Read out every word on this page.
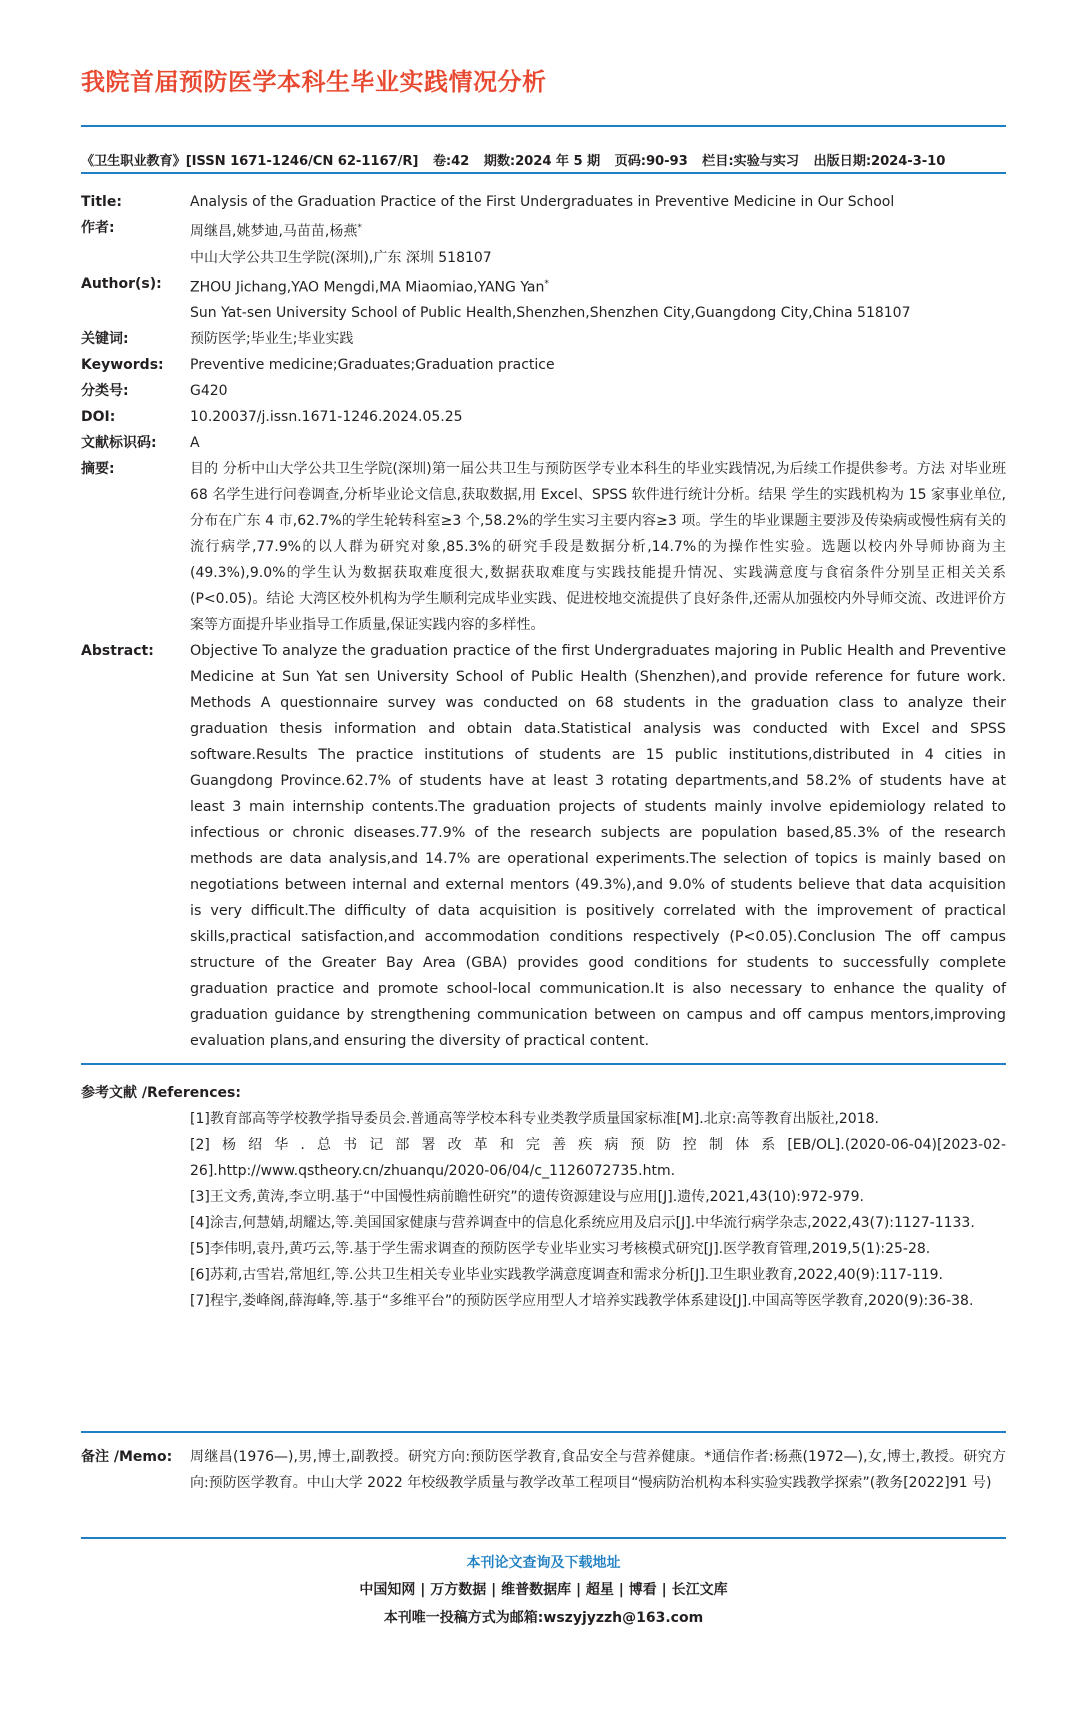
我院首届预防医学本科生毕业实践情况分析
《卫生职业教育》[ISSN 1671-1246/CN 62-1167/R] 卷:42 期数:2024 年 5 期 页码:90-93 栏目:实验与实习 出版日期:2024-3-10
Title:	Analysis of the Graduation Practice of the First Undergraduates in Preventive Medicine in Our School
作者:	周继昌,姚梦迪,马苗苗,杨燕*
中山大学公共卫生学院(深圳),广东 深圳 518107
Author(s):	ZHOU Jichang,YAO Mengdi,MA Miaomiao,YANG Yan*
Sun Yat-sen University School of Public Health,Shenzhen,Shenzhen City,Guangdong City,China 518107
关键词:	预防医学;毕业生;毕业实践
Keywords:	Preventive medicine;Graduates;Graduation practice
分类号:	G420
DOI:	10.20037/j.issn.1671-1246.2024.05.25
文献标识码:	A
摘要:	目的 分析中山大学公共卫生学院(深圳)第一届公共卫生与预防医学专业本科生的毕业实践情况,为后续工作提供参考。方法 对毕业班 68 名学生进行问卷调查,分析毕业论文信息,获取数据,用 Excel、SPSS 软件进行统计分析。结果 学生的实践机构为 15 家事业单位,分布在广东 4 市,62.7%的学生轮转科室≥3 个,58.2%的学生实习主要内容≥3 项。学生的毕业课题主要涉及传染病或慢性病有关的流行病学,77.9%的以人群为研究对象,85.3%的研究手段是数据分析,14.7%的为操作性实验。选题以校内外导师协商为主(49.3%),9.0%的学生认为数据获取难度很大,数据获取难度与实践技能提升情况、实践满意度与食宿条件分别呈正相关关系(P<0.05)。结论 大湾区校外机构为学生顺利完成毕业实践、促进校地交流提供了良好条件,还需从加强校内外导师交流、改进评价方案等方面提升毕业指导工作质量,保证实践内容的多样性。
Abstract:	Objective To analyze the graduation practice of the first Undergraduates majoring in Public Health and Preventive Medicine at Sun Yat sen University School of Public Health (Shenzhen),and provide reference for future work. Methods A questionnaire survey was conducted on 68 students in the graduation class to analyze their graduation thesis information and obtain data.Statistical analysis was conducted with Excel and SPSS software.Results The practice institutions of students are 15 public institutions,distributed in 4 cities in Guangdong Province.62.7% of students have at least 3 rotating departments,and 58.2% of students have at least 3 main internship contents.The graduation projects of students mainly involve epidemiology related to infectious or chronic diseases.77.9% of the research subjects are population based,85.3% of the research methods are data analysis,and 14.7% are operational experiments.The selection of topics is mainly based on negotiations between internal and external mentors (49.3%),and 9.0% of students believe that data acquisition is very difficult.The difficulty of data acquisition is positively correlated with the improvement of practical skills,practical satisfaction,and accommodation conditions respectively (P<0.05).Conclusion The off campus structure of the Greater Bay Area (GBA) provides good conditions for students to successfully complete graduation practice and promote school-local communication.It is also necessary to enhance the quality of graduation guidance by strengthening communication between on campus and off campus mentors,improving evaluation plans,and ensuring the diversity of practical content.
参考文献 /References:
[1]教育部高等学校教学指导委员会.普通高等学校本科专业类教学质量国家标准[M].北京:高等教育出版社,2018.
[2]杨绍华.总书记部署改革和完善疾病预防控制体系[EB/OL].(2020-06-04)[2023-02-26].http://www.qstheory.cn/zhuanqu/2020-06/04/c_1126072735.htm.
[3]王文秀,黄涛,李立明.基于“中国慢性病前瞻性研究”的遗传资源建设与应用[J].遗传,2021,43(10):972-979.
[4]涂吉,何慧婧,胡耀达,等.美国国家健康与营养调查中的信息化系统应用及启示[J].中华流行病学杂志,2022,43(7):1127-1133.
[5]李伟明,袁丹,黄巧云,等.基于学生需求调查的预防医学专业毕业实习考核模式研究[J].医学教育管理,2019,5(1):25-28.
[6]苏莉,古雪岩,常旭红,等.公共卫生相关专业毕业实践教学满意度调查和需求分析[J].卫生职业教育,2022,40(9):117-119.
[7]程宇,娄峰阁,薛海峰,等.基于“多维平台”的预防医学应用型人才培养实践教学体系建设[J].中国高等医学教育,2020(9):36-38.
备注 /Memo:	周继昌(1976—),男,博士,副教授。研究方向:预防医学教育,食品安全与营养健康。*通信作者:杨燕(1972—),女,博士,教授。研究方向:预防医学教育。中山大学 2022 年校级教学质量与教学改革工程项目“慢病防治机构本科实验实践教学探索”(教务[2022]91 号)
本刊论文查询及下载地址
中国知网 | 万方数据 | 维普数据库 | 超星 | 博看 | 长江文库
本刊唯一投稿方式为邮箱:wszyjyzzh@163.com
